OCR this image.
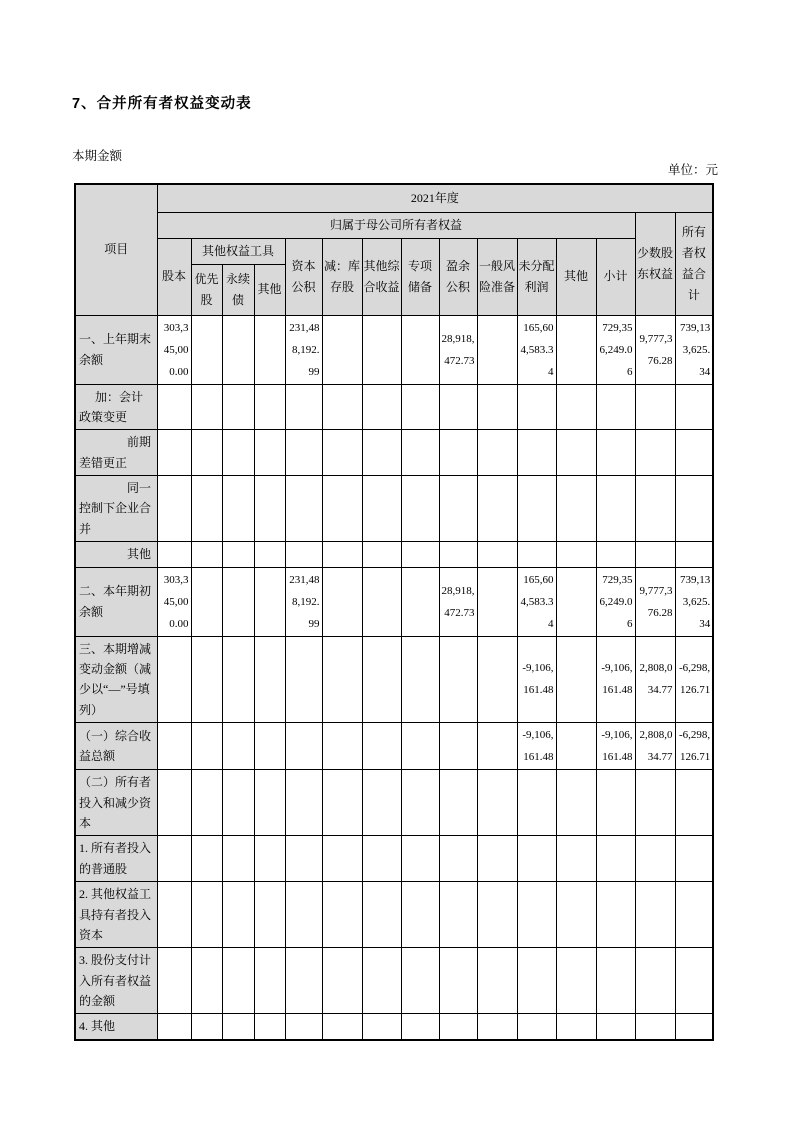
7、合并所有者权益变动表
本期金额
单位：元
项目	2021年度														
	归属于母公司所有者权益													少数股东权益	所有者权益合计
	股本	其他权益工具			资本公积	减：库存股	其他综合收益	专项储备	盈余公积	一般风险准备	未分配利润	其他	小计		
		优先股	永续债	其他											
一、上年期末余额	303,345,000.00				231,488,192.99				28,918,472.73		165,604,583.34		729,356,249.06	9,777,376.28	739,133,625.34
加：会计政策变更															
前期差错更正															
同一控制下企业合并															
其他															
二、本年期初余额	303,345,000.00				231,488,192.99				28,918,472.73		165,604,583.34		729,356,249.06	9,777,376.28	739,133,625.34
三、本期增减变动金额（减少以“—”号填列）											-9,106,161.48		-9,106,161.48	2,808,034.77	-6,298,126.71
（一）综合收益总额											-9,106,161.48		-9,106,161.48	2,808,034.77	-6,298,126.71
（二）所有者投入和减少资本															
1. 所有者投入的普通股															
2. 其他权益工具持有者投入资本															
3. 股份支付计入所有者权益的金额															
4. 其他															
